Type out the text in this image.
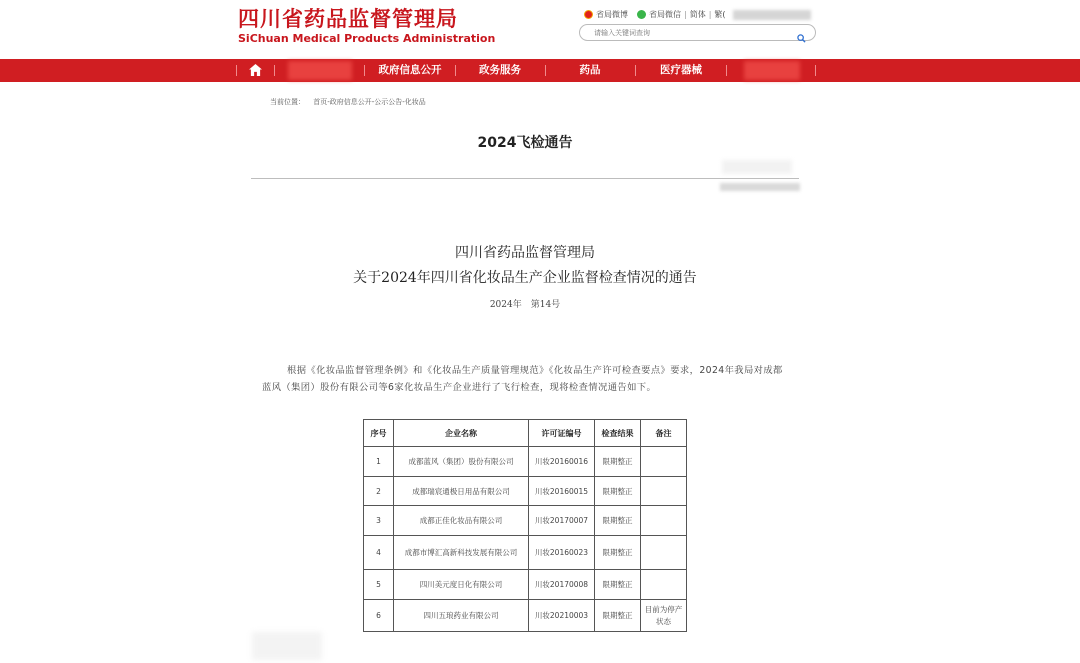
四川省药品监督管理局
SiChuan Medical Products Administration
省局微博	省局微信 | 简体 | 繁(
请输入关键词查询
政府信息公开	政务服务	药品	医疗器械
当前位置： 首页-政府信息公开-公示公告-化妆品
2024飞检通告
四川省药品监督管理局
关于2024年四川省化妆品生产企业监督检查情况的通告
2024年　第14号

根据《化妆品监督管理条例》和《化妆品生产质量管理规范》《化妆品生产许可检查要点》要求，2024年我局对成都蓝风（集团）股份有限公司等6家化妆品生产企业进行了飞行检查，现将检查情况通告如下。

序号	企业名称	许可证编号	检查结果	备注
1	成都蓝风（集团）股份有限公司	川妆20160016	限期整正	
2	成都瑞宸通极日用品有限公司	川妆20160015	限期整正	
3	成都正佳化妆品有限公司	川妆20170007	限期整正	
4	成都市博汇高新科技发展有限公司	川妆20160023	限期整正	
5	四川美元度日化有限公司	川妆20170008	限期整正	
6	四川五琅药业有限公司	川妆20210003	限期整正	目前为停产状态
